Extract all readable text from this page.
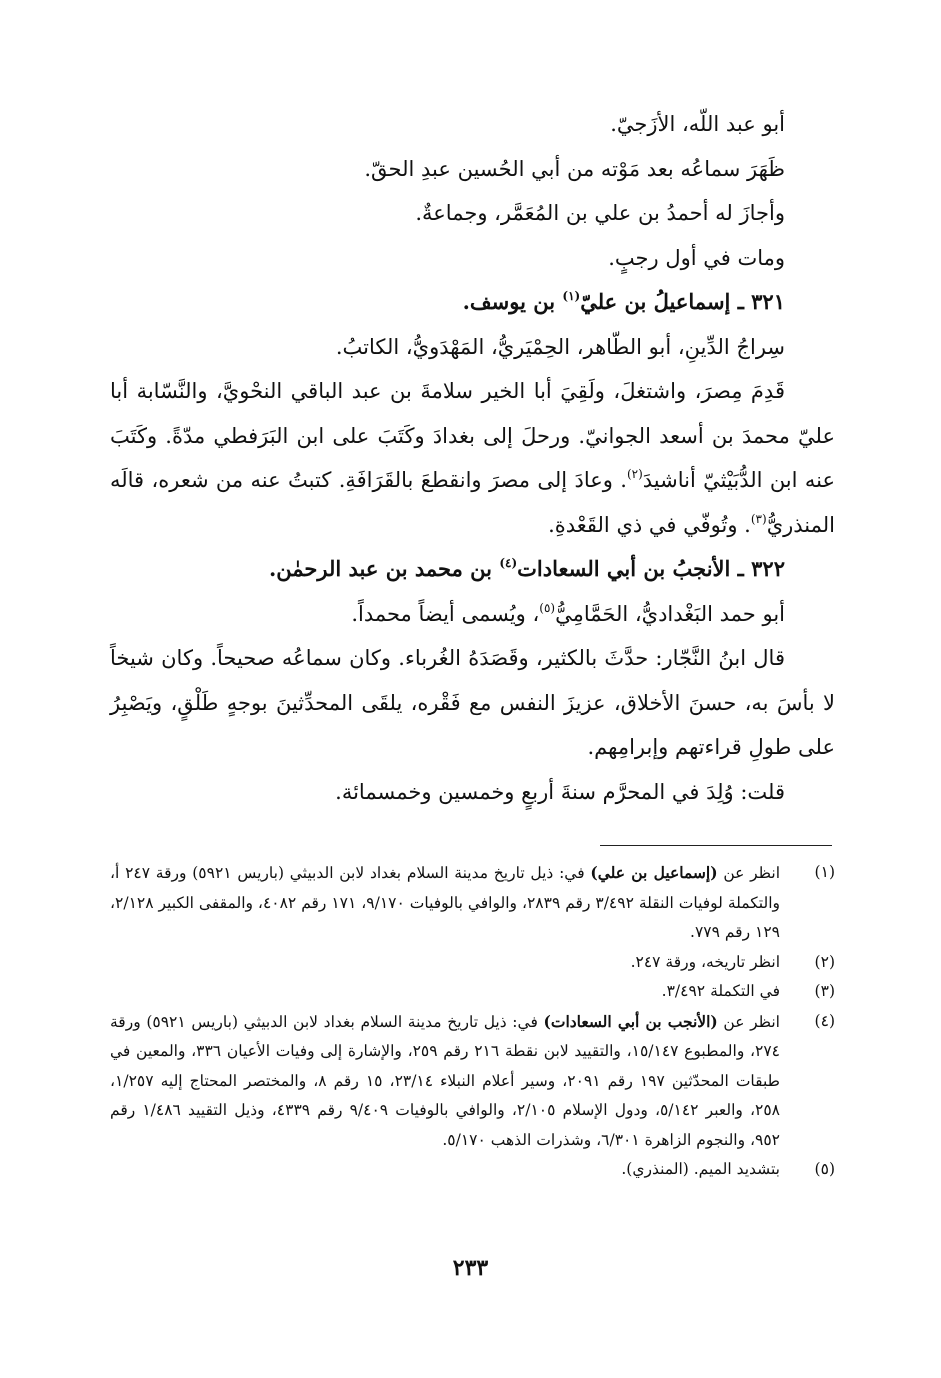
أبو عبد اللّه، الأزَجيّ.

ظَهَرَ سماعُه بعد مَوْته من أبي الحُسين عبدِ الحقّ.

وأجازَ له أحمدُ بن علي بن المُعَمَّر، وجماعةٌ.

ومات في أول رجبٍ.

٣٢١ ـ إسماعيلُ بن عليّ$^{(١)}$ بن يوسف.

سِراجُ الدِّينِ، أبو الطّاهر، الحِمْيَريُّ، المَهْدَويُّ، الكاتبُ.

قَدِمَ مِصرَ، واشتغلَ، ولَقِيَ أبا الخير سلامةَ بن عبد الباقي النحْويَّ، والنَّسّابة أبا عليّ محمدَ بن أسعد الجوانيّ. ورحلَ إلى بغدادَ وكَتَبَ على ابن البَرَفطي مدّةً. وكَتَبَ عنه ابن الدُّبَيْثيّ أناشيدَ$^{(٢)}$. وعادَ إلى مصرَ وانقطعَ بالقَرَافَةِ. كتبتُ عنه من شعره، قالَه المنذريُّ$^{(٣)}$. وتُوفّي في ذي القَعْدةِ.

٣٢٢ ـ الأنجبُ بن أبي السعادات$^{(٤)}$ بن محمد بن عبد الرحمٰن.

أبو حمد البَغْداديُّ، الحَمَّامِيُّ$^{(٥)}$، ويُسمى أيضاً محمداً.

قال ابنُ النَّجّار: حدَّثَ بالكثير، وقَصَدَهُ الغُرباء. وكان سماعُه صحيحاً. وكان شيخاً لا بأسَ به، حسنَ الأخلاق، عزيزَ النفس مع فَقْره، يلقَى المحدِّثينَ بوجهٍ طَلْقٍ، ويَصْبِرُ على طولِ قراءتهم وإبرامِهم.

قلت: وُلِدَ في المحرَّم سنةَ أربعٍ وخمسين وخمسمائة.

(١)
انظر عن (إسماعيل بن علي) في: ذيل تاريخ مدينة السلام بغداد لابن الدبيثي (باريس ٥٩٢١) ورقة ٢٤٧ أ، والتكملة لوفيات النقلة ٣/٤٩٢ رقم ٢٨٣٩، والوافي بالوفيات ٩/١٧٠، ١٧١ رقم ٤٠٨٢، والمقفى الكبير ٢/١٢٨، ١٢٩ رقم ٧٧٩.
(٢)
انظر تاريخه، ورقة ٢٤٧.
(٣)
في التكملة ٣/٤٩٢.
(٤)
انظر عن (الأنجب بن أبي السعادات) في: ذيل تاريخ مدينة السلام بغداد لابن الدبيثي (باريس ٥٩٢١) ورقة ٢٧٤، والمطبوع ١٥/١٤٧، والتقييد لابن نقطة ٢١٦ رقم ٢٥٩، والإشارة إلى وفيات الأعيان ٣٣٦، والمعين في طبقات المحدّثين ١٩٧ رقم ٢٠٩١، وسير أعلام النبلاء ٢٣/١٤، ١٥ رقم ٨، والمختصر المحتاج إليه ١/٢٥٧، ٢٥٨، والعبر ٥/١٤٢، ودول الإسلام ٢/١٠٥، والوافي بالوفيات ٩/٤٠٩ رقم ٤٣٣٩، وذيل التقييد ١/٤٨٦ رقم ٩٥٢، والنجوم الزاهرة ٦/٣٠١، وشذرات الذهب ٥/١٧٠.
(٥)
بتشديد الميم. (المنذري).
٢٣٣
